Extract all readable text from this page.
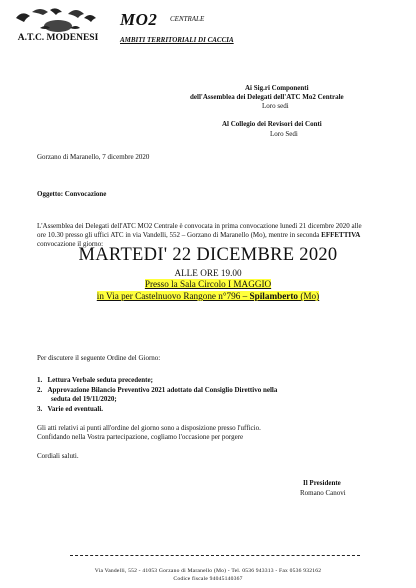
A.T.C. MODENESI
MO2 CENTRALE
AMBITI TERRITORIALI DI CACCIA
Ai Sig.ri Componenti
dell'Assemblea dei Delegati dell'ATC Mo2 Centrale
Loro sedi
Al Collegio dei Revisori dei Conti
Loro Sedi
Gorzano di Maranello, 7 dicembre 2020
Oggetto: Convocazione
L'Assemblea dei Delegati dell'ATC MO2 Centrale è convocata in prima convocazione lunedì 21 dicembre 2020 alle ore 10.30 presso gli uffici ATC in via Vandelli, 552 – Gorzano di Maranello (Mo), mentre in seconda EFFETTIVA convocazione il giorno:
MARTEDI' 22 DICEMBRE 2020
ALLE ORE 19.00
Presso la Sala Circolo I MAGGIO
in Via per Castelnuovo Rangone n°796 – Spilamberto (Mo)
Per discutere il seguente Ordine del Giorno:
1. Lettura Verbale seduta precedente;
2. Approvazione Bilancio Preventivo 2021 adottato dal Consiglio Direttivo nella
seduta del 19/11/2020;
3. Varie ed eventuali.
Gli atti relativi ai punti all'ordine del giorno sono a disposizione presso l'ufficio.
Confidando nella Vostra partecipazione, cogliamo l'occasione per porgere
Cordiali saluti.
Il Presidente
Romano Canovi
Via Vandelli, 552 - 41053 Gorzano di Maranello (Mo) - Tel. 0536 943313 - Fax 0536 932162
Codice fiscale 94045140367
